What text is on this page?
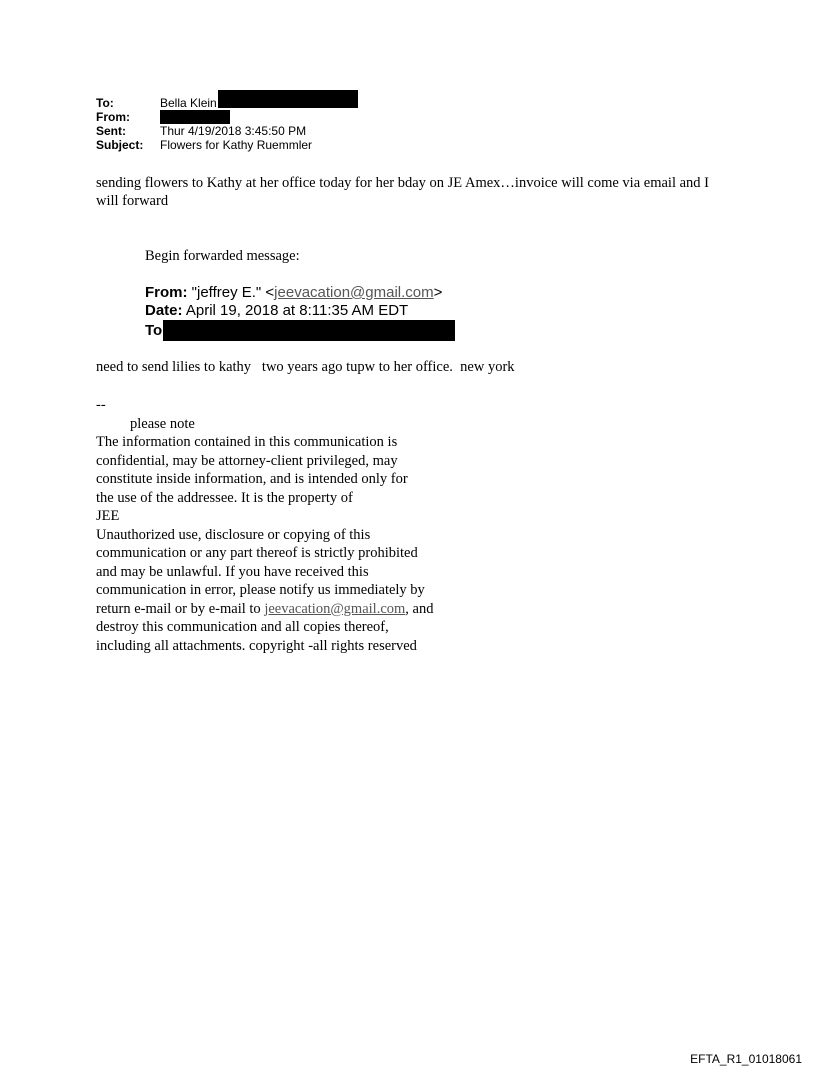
To:	Bella Klein
From:
Sent:	Thur 4/19/2018 3:45:50 PM
Subject:	Flowers for Kathy Ruemmler
sending flowers to Kathy at her office today for her bday on JE Amex…invoice will come via email and I will forward
Begin forwarded message:
From: "jeffrey E." <jeevacation@gmail.com>
Date: April 19, 2018 at 8:11:35 AM EDT
To
need to send lilies to kathy   two years ago tupw to her office.  new york
--
please note
The information contained in this communication is
confidential, may be attorney-client privileged, may
constitute inside information, and is intended only for
the use of the addressee. It is the property of
JEE
Unauthorized use, disclosure or copying of this
communication or any part thereof is strictly prohibited
and may be unlawful. If you have received this
communication in error, please notify us immediately by
return e-mail or by e-mail to jeevacation@gmail.com, and
destroy this communication and all copies thereof,
including all attachments. copyright -all rights reserved
EFTA_R1_01018061
